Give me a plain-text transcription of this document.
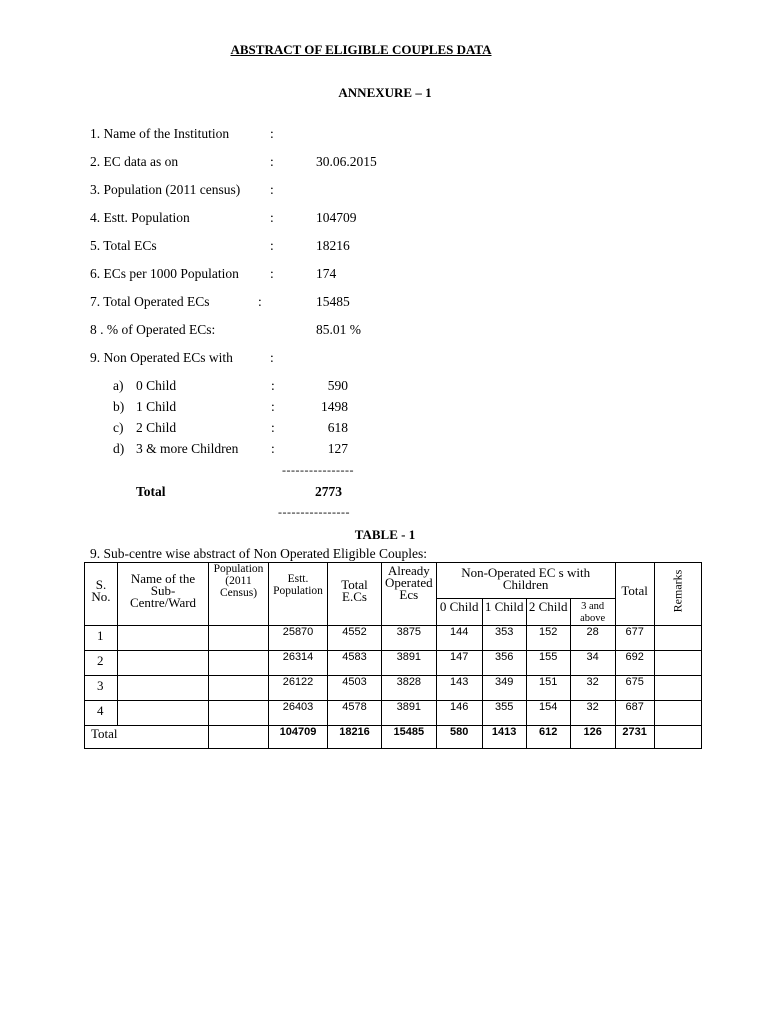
ABSTRACT OF ELIGIBLE COUPLES DATA
ANNEXURE – 1
1. Name of the Institution	:
2. EC data as on	:	30.06.2015
3. Population (2011 census) :
4. Estt. Population	:	104709
5. Total ECs	:	18216
6. ECs per 1000 Population :	174
7. Total Operated ECs	:	15485
8 . % of Operated ECs:	85.01 %
9. Non Operated ECs with	:
a) 0 Child	:	590
b) 1 Child	:	1498
c) 2 Child	:	618
d) 3 & more Children :	127
----------------
Total	2773
----------------
TABLE - 1
9. Sub-centre wise abstract of Non Operated Eligible Couples:
S. No.	Name of the Sub-Centre/Ward	Population (2011 Census)	Estt. Population	Total E.Cs	Already Operated Ecs	Non-Operated EC s with Children				Total	Remarks
						0 Child	1 Child	2 Child	3 and above		
1			25870	4552	3875	144	353	152	28	677	
2			26314	4583	3891	147	356	155	34	692	
3			26122	4503	3828	143	349	151	32	675	
4			26403	4578	3891	146	355	154	32	687	
Total			104709	18216	15485	580	1413	612	126	2731	
